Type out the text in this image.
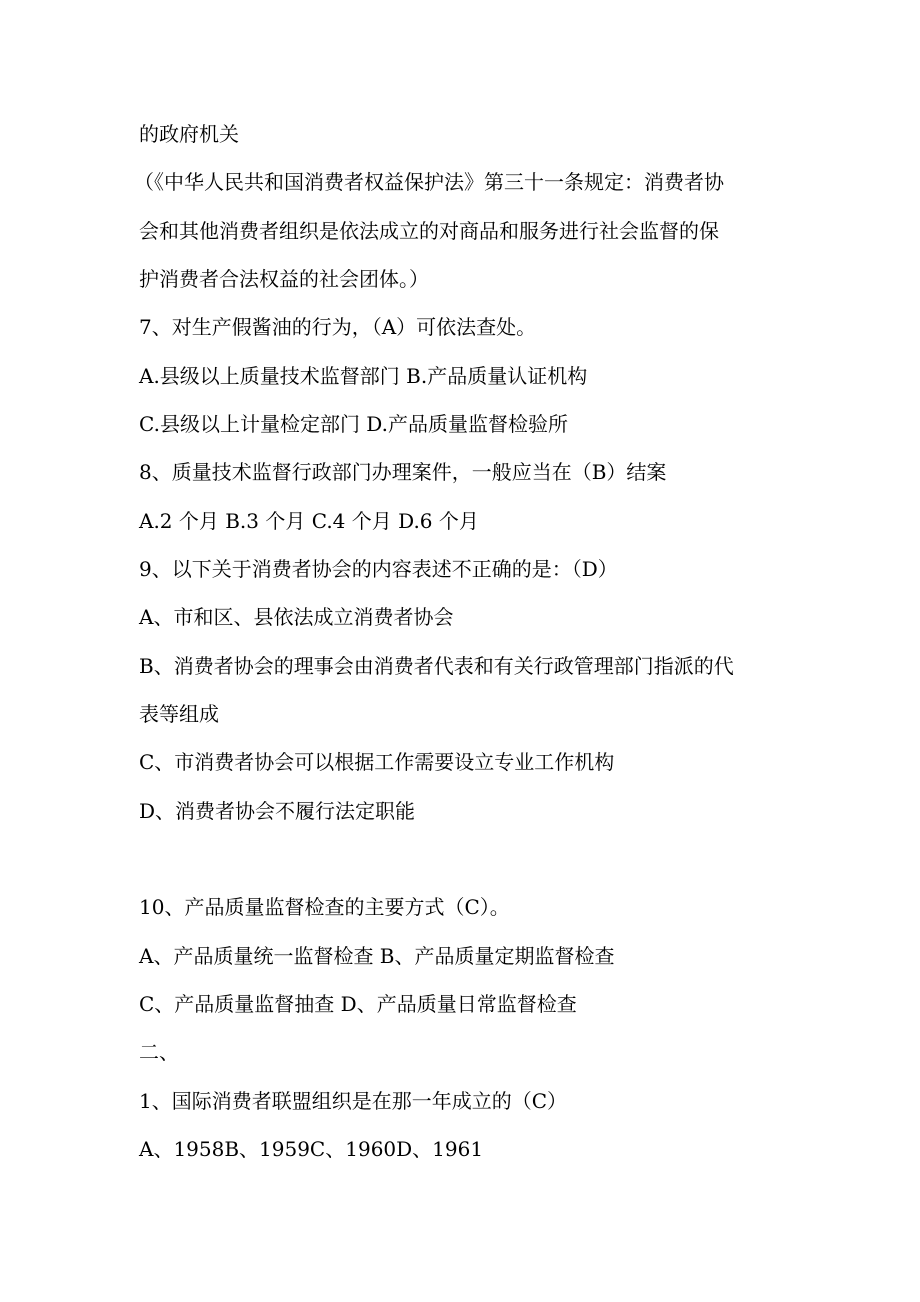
的政府机关
（《中华人民共和国消费者权益保护法》第三十一条规定：消费者协
会和其他消费者组织是依法成立的对商品和服务进行社会监督的保
护消费者合法权益的社会团体。）
7、对生产假酱油的行为，（A）可依法查处。
A.县级以上质量技术监督部门 B.产品质量认证机构
C.县级以上计量检定部门 D.产品质量监督检验所
8、质量技术监督行政部门办理案件，一般应当在（B）结案
A.2 个月 B.3 个月 C.4 个月 D.6 个月
9、以下关于消费者协会的内容表述不正确的是：（D）
A、市和区、县依法成立消费者协会
B、消费者协会的理事会由消费者代表和有关行政管理部门指派的代
表等组成
C、市消费者协会可以根据工作需要设立专业工作机构
D、消费者协会不履行法定职能
10、产品质量监督检查的主要方式（C）。
A、产品质量统一监督检查 B、产品质量定期监督检查
C、产品质量监督抽查 D、产品质量日常监督检查
二、
1、国际消费者联盟组织是在那一年成立的（C）
A、1958B、1959C、1960D、1961
